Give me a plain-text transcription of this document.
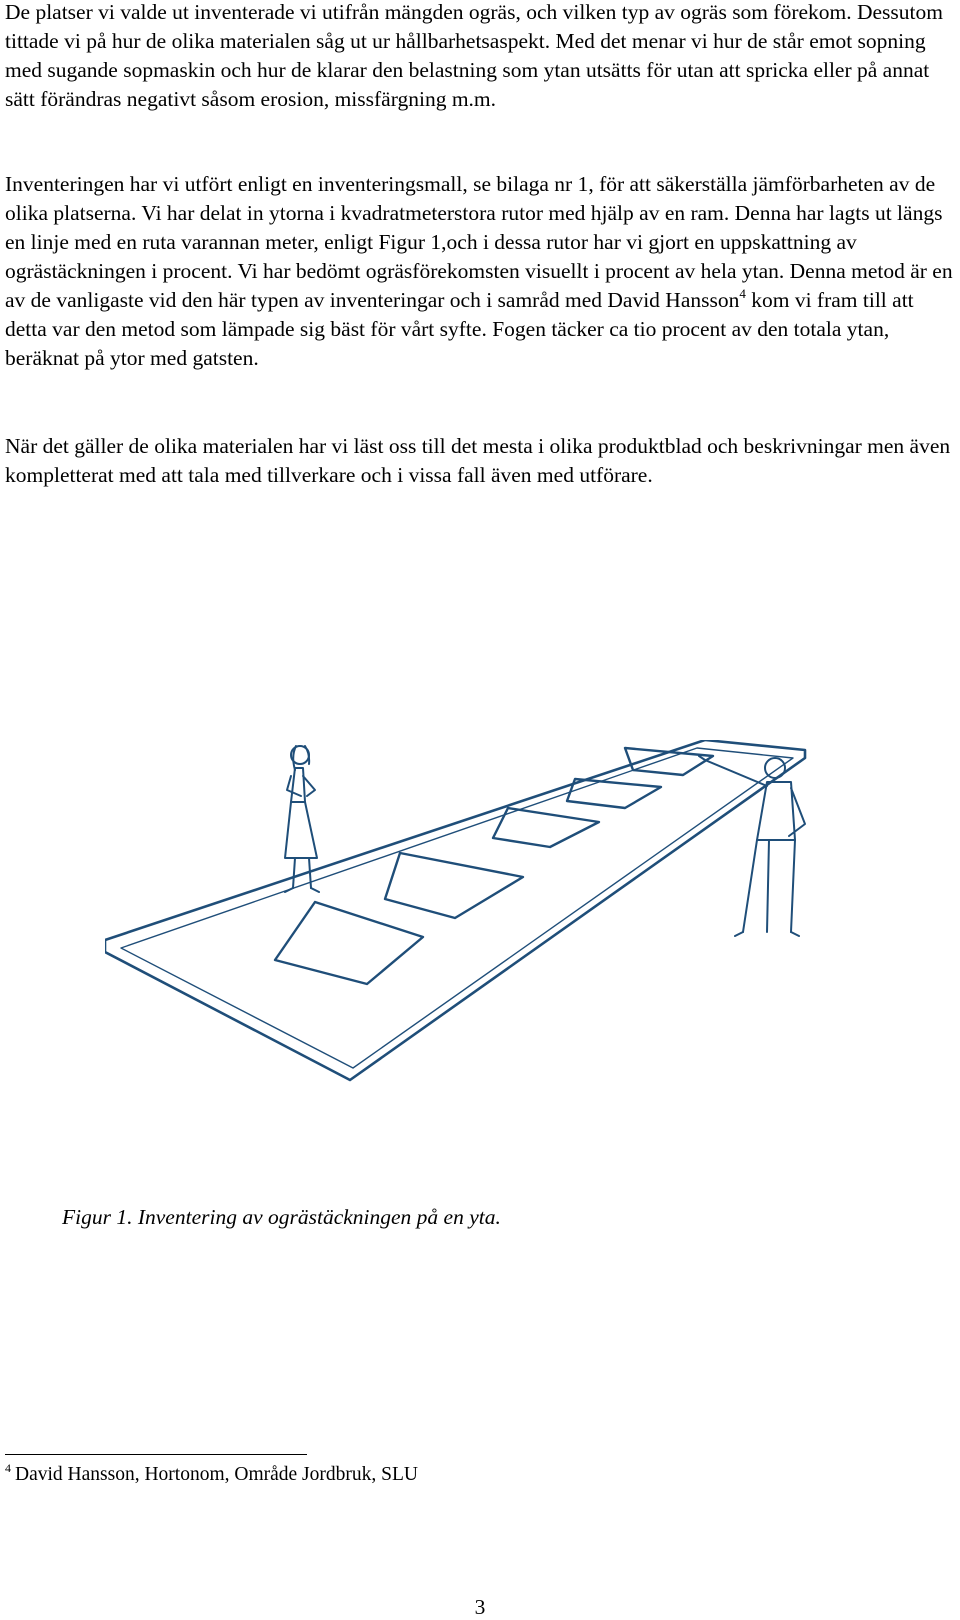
De platser vi valde ut inventerade vi utifrån mängden ogräs, och vilken typ av ogräs som förekom. Dessutom tittade vi på hur de olika materialen såg ut ur hållbarhetsaspekt. Med det menar vi hur de står emot sopning med sugande sopmaskin och hur de klarar den belastning som ytan utsätts för utan att spricka eller på annat sätt förändras negativt såsom erosion, missfärgning m.m.

Inventeringen har vi utfört enligt en inventeringsmall, se bilaga nr 1, för att säkerställa jämförbarheten av de olika platserna. Vi har delat in ytorna i kvadratmeterstora rutor med hjälp av en ram. Denna har lagts ut längs en linje med en ruta varannan meter, enligt Figur 1,och i dessa rutor har vi gjort en uppskattning av ogrästäckningen i procent. Vi har bedömt ogräsförekomsten visuellt i procent av hela ytan. Denna metod är en av de vanligaste vid den här typen av inventeringar och i samråd med David Hansson$^4$ kom vi fram till att detta var den metod som lämpade sig bäst för vårt syfte. Fogen täcker ca tio procent av den totala ytan, beräknat på ytor med gatsten.

När det gäller de olika materialen har vi läst oss till det mesta i olika produktblad och beskrivningar men även kompletterat med att tala med tillverkare och i vissa fall även med utförare.

Figur 1. Inventering av ogrästäckningen på en yta.

$^4$ David Hansson, Hortonom, Område Jordbruk, SLU

3
